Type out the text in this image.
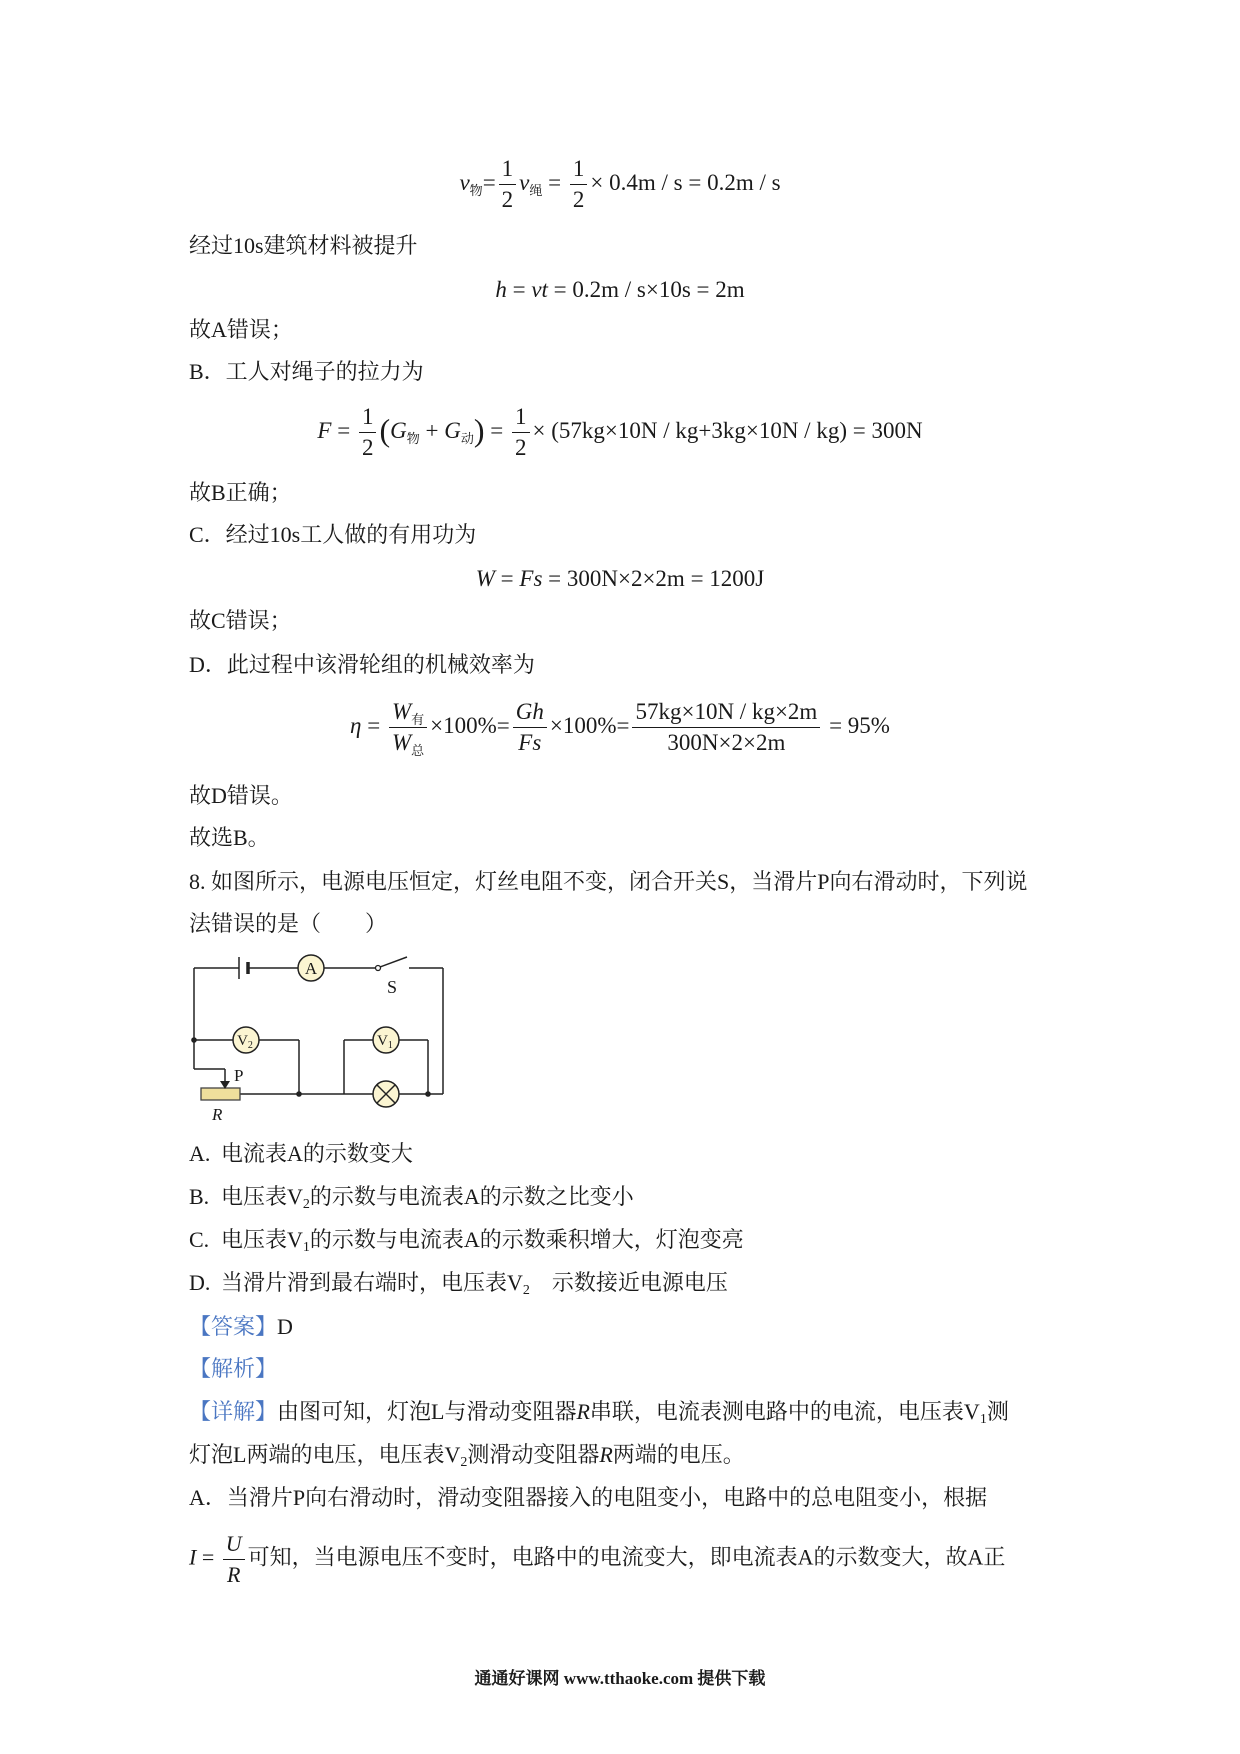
$v_物= \frac{1}{2} v_绳 = \frac{1}{2} \times 0.4m / s = 0.2m / s$
经过10s建筑材料被提升
h = vt = 0.2m / s×10s = 2m
故A错误；
B．工人对绳子的拉力为
$F = \frac{1}{2} (G_物 + G_动) = \frac{1}{2} \times (57kg\times 10N / kg+3kg\times 10N / kg) = 300N$
故B正确；
C．经过10s工人做的有用功为
W = Fs = 300N×2×2m = 1200J
故C错误；
D．此过程中该滑轮组的机械效率为
$\eta = \frac{W_有}{W_总} \times 100\%= \frac{Gh}{Fs} \times 100\%= \frac{57kg\times 10N / kg\times 2m}{300N\times 2\times 2m} = 95\%$
故D错误。
故选B。
8. 如图所示，电源电压恒定，灯丝电阻不变，闭合开关S，当滑片P向右滑动时，下列说
法错误的是（　　）
A
S
$V_2$	$V_1$
P
R
A. 电流表A的示数变大
B. 电压表$V_2$的示数与电流表A的示数之比变小
C. 电压表$V_1$的示数与电流表A的示数乘积增大，灯泡变亮
D. 当滑片滑到最右端时，电压表$V_2$　示数接近电源电压
【答案】D
【解析】
【详解】由图可知，灯泡L与滑动变阻器R串联，电流表测电路中的电流，电压表$V_1$测
灯泡L两端的电压，电压表$V_2$测滑动变阻器R两端的电压。
A．当滑片P向右滑动时，滑动变阻器接入的电阻变小，电路中的总电阻变小，根据
$I = \frac{U}{R}$ 可知，当电源电压不变时，电路中的电流变大，即电流表A的示数变大，故A正
通通好课网 www.tthaoke.com 提供下载
